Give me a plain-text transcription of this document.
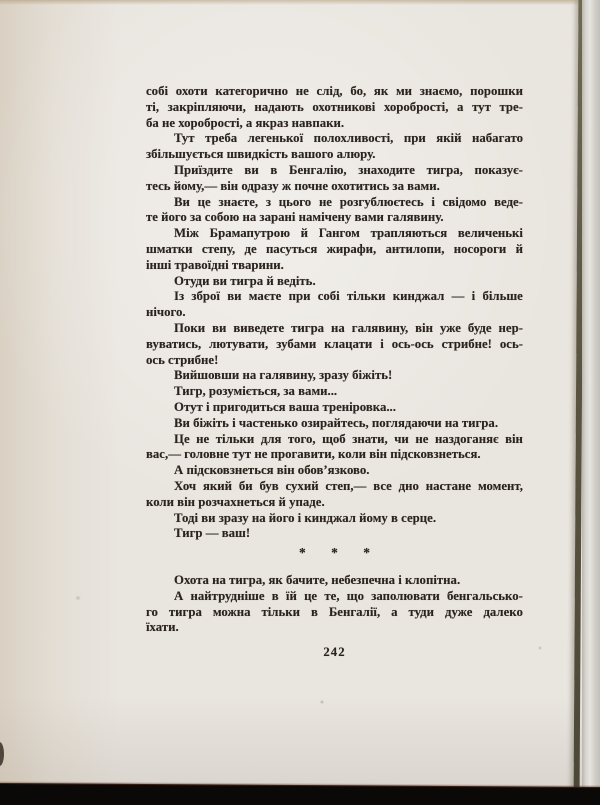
собі охоти категорично не слід, бо, як ми знаємо, порошки
ті, закріпляючи, надають охотникові хоробрості, а тут тре-
ба не хоробрості, а якраз навпаки.
Тут треба легенької полохливості, при якій набагато
збільшується швидкість вашого алюру.
Приїздите ви в Бенгалію, знаходите тигра, показує-
тесь йому,— він одразу ж почне охотитись за вами.
Ви це знаєте, з цього не розгублюєтесь і свідомо веде-
те його за собою на зарані намічену вами галявину.
Між Брамапутрою й Гангом трапляються величенькі
шматки степу, де пасуться жирафи, антилопи, носороги й
інші травоїдні тварини.
Отуди ви тигра й ведіть.
Із зброї ви маєте при собі тільки кинджал — і більше
нічого.
Поки ви виведете тигра на галявину, він уже буде нер-
вуватись, лютувати, зубами клацати і ось-ось стрибне! ось-
ось стрибне!
Вийшовши на галявину, зразу біжіть!
Тигр, розуміється, за вами...
Отут і пригодиться ваша треніровка...
Ви біжіть і частенько озирайтесь, поглядаючи на тигра.
Це не тільки для того, щоб знати, чи не наздоганяє він
вас,— головне тут не прогавити, коли він підсковзнеться.
А підсковзнеться він обов’язково.
Хоч який би був сухий степ,— все дно настане момент,
коли він розчахнеться й упаде.
Тоді ви зразу на його і кинджал йому в серце.
Тигр — ваш!
* * *
Охота на тигра, як бачите, небезпечна і клопітна.
А найтрудніше в їй це те, що заполювати бенгальсько-
го тигра можна тільки в Бенгалії, а туди дуже далеко
їхати.
242
